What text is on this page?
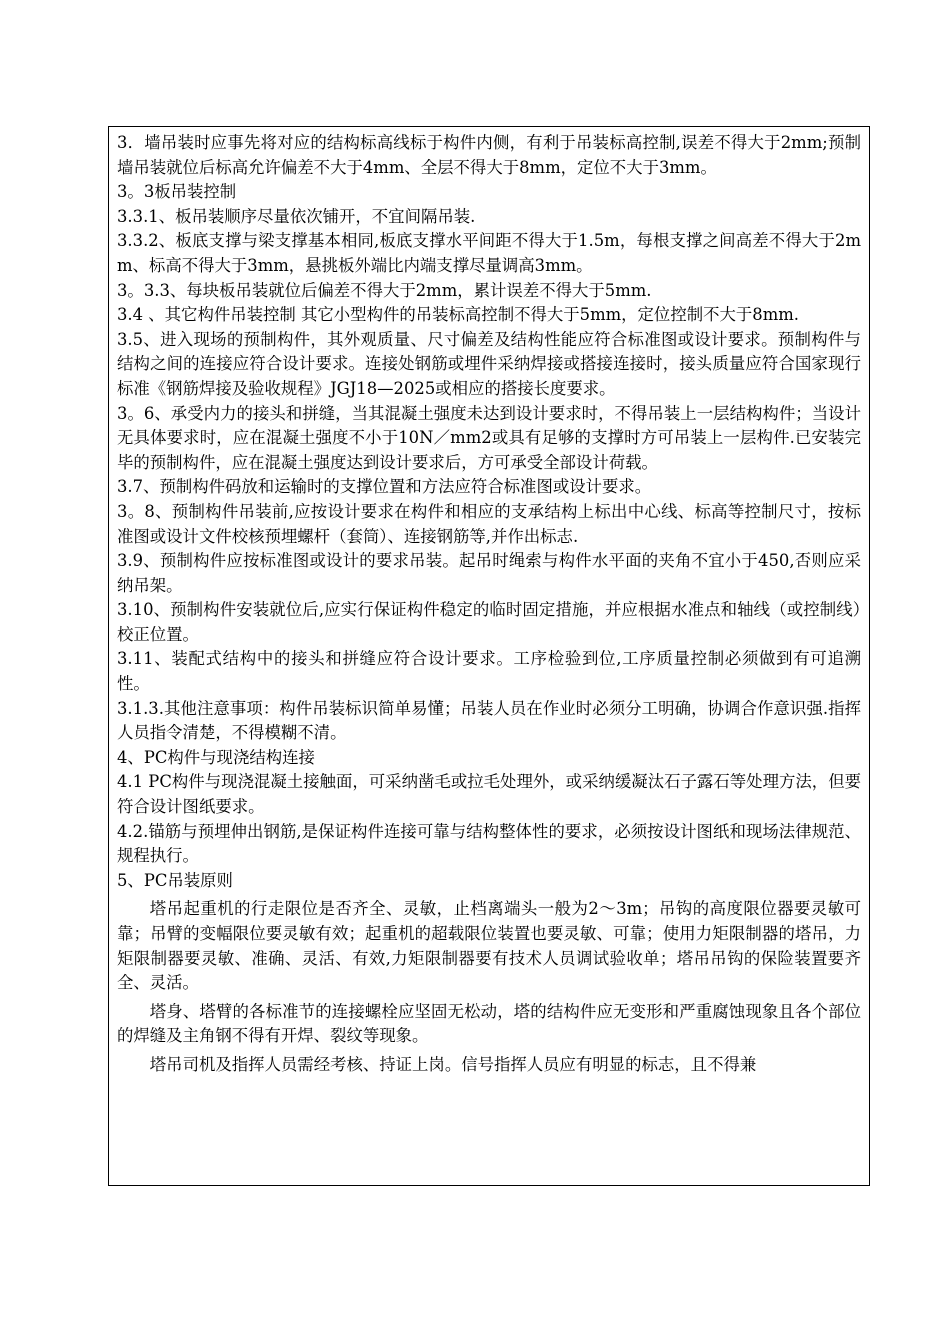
3．墙吊装时应事先将对应的结构标高线标于构件内侧，有利于吊装标高控制,误差不得大于2mm;预制墙吊装就位后标高允许偏差不大于4mm、全层不得大于8mm，定位不大于3mm。

3。3板吊装控制

3.3.1、板吊装顺序尽量依次铺开，不宜间隔吊装.

3.3.2、板底支撑与梁支撑基本相同,板底支撑水平间距不得大于1.5m，每根支撑之间高差不得大于2mm、标高不得大于3mm，悬挑板外端比内端支撑尽量调高3mm。

3。3.3、每块板吊装就位后偏差不得大于2mm，累计误差不得大于5mm.

3.4 、其它构件吊装控制 其它小型构件的吊装标高控制不得大于5mm，定位控制不大于8mm.

3.5、进入现场的预制构件，其外观质量、尺寸偏差及结构性能应符合标准图或设计要求。预制构件与结构之间的连接应符合设计要求。连接处钢筋或埋件采纳焊接或搭接连接时，接头质量应符合国家现行标准《钢筋焊接及验收规程》JGJ18—2025或相应的搭接长度要求。

3。6、承受内力的接头和拼缝，当其混凝土强度未达到设计要求时，不得吊装上一层结构构件；当设计无具体要求时，应在混凝土强度不小于10N／mm2或具有足够的支撑时方可吊装上一层构件.已安装完毕的预制构件，应在混凝土强度达到设计要求后，方可承受全部设计荷载。

3.7、预制构件码放和运输时的支撑位置和方法应符合标准图或设计要求。

3。8、预制构件吊装前,应按设计要求在构件和相应的支承结构上标出中心线、标高等控制尺寸，按标准图或设计文件校核预埋螺杆（套筒）、连接钢筋等,并作出标志.

3.9、预制构件应按标准图或设计的要求吊装。起吊时绳索与构件水平面的夹角不宜小于450,否则应采纳吊架。

3.10、预制构件安装就位后,应实行保证构件稳定的临时固定措施，并应根据水准点和轴线（或控制线）校正位置。

3.11、装配式结构中的接头和拼缝应符合设计要求。工序检验到位,工序质量控制必须做到有可追溯性。

3.1.3.其他注意事项：构件吊装标识简单易懂；吊装人员在作业时必须分工明确，协调合作意识强.指挥人员指令清楚，不得模糊不清。

4、PC构件与现浇结构连接

4.1 PC构件与现浇混凝土接触面，可采纳凿毛或拉毛处理外，或采纳缓凝汰石子露石等处理方法，但要符合设计图纸要求。

4.2.锚筋与预埋伸出钢筋,是保证构件连接可靠与结构整体性的要求，必须按设计图纸和现场法律规范、规程执行。

5、PC吊装原则

塔吊起重机的行走限位是否齐全、灵敏，止档离端头一般为2～3m；吊钩的高度限位器要灵敏可靠；吊臂的变幅限位要灵敏有效；起重机的超载限位装置也要灵敏、可靠；使用力矩限制器的塔吊，力矩限制器要灵敏、准确、灵活、有效,力矩限制器要有技术人员调试验收单；塔吊吊钩的保险装置要齐全、灵活。

塔身、塔臂的各标准节的连接螺栓应坚固无松动，塔的结构件应无变形和严重腐蚀现象且各个部位的焊缝及主角钢不得有开焊、裂纹等现象。

塔吊司机及指挥人员需经考核、持证上岗。信号指挥人员应有明显的标志，且不得兼
